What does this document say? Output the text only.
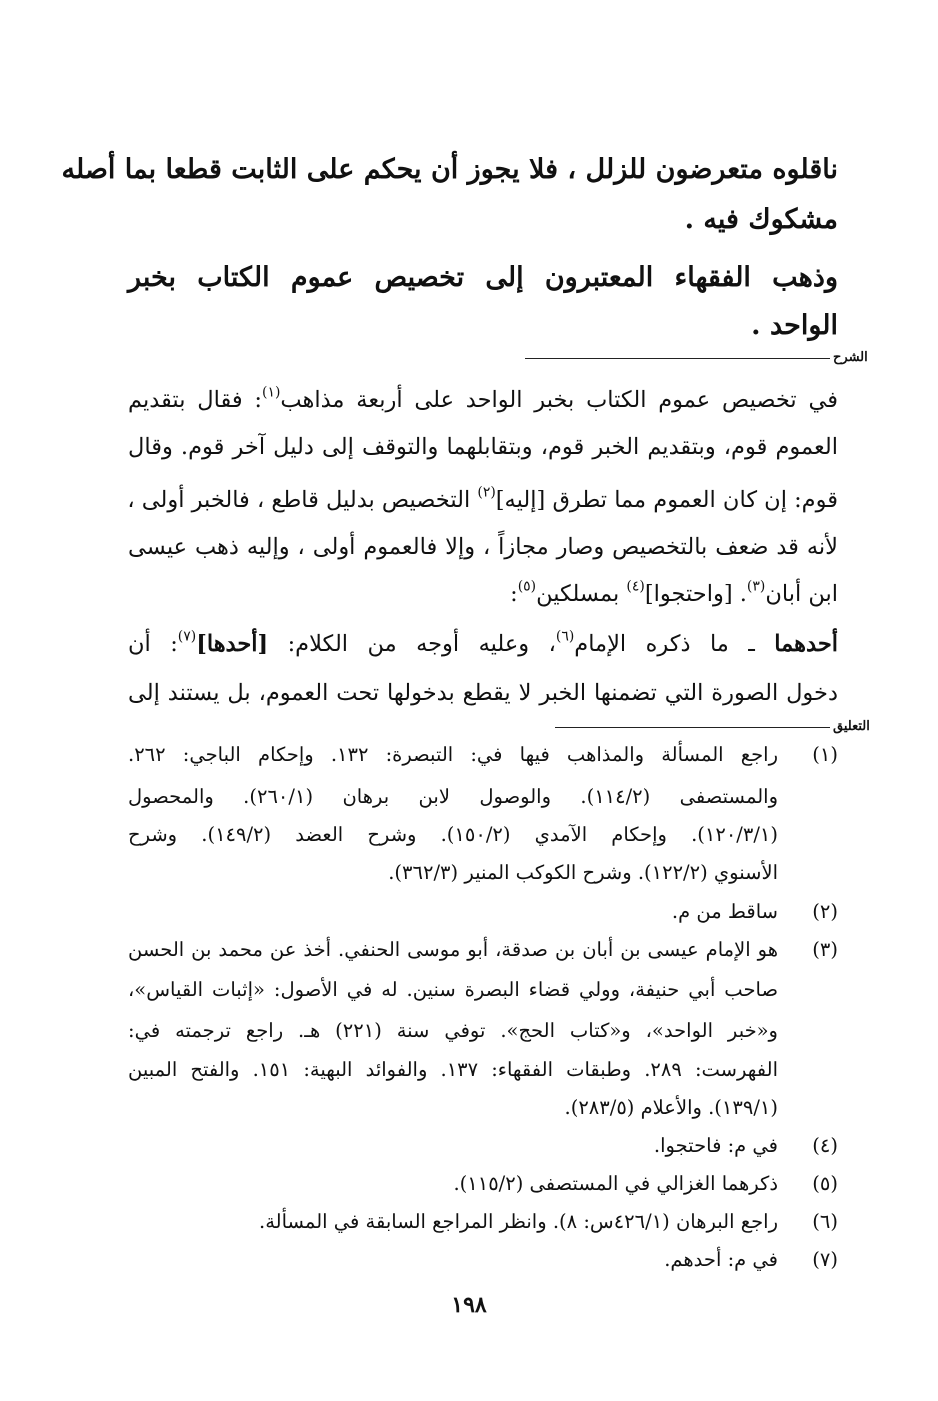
ناقلوه متعرضون للزلل ، فلا يجوز أن يحكم على الثابت قطعا بما أصله
مشكوك فيه .
وذهب الفقهاء المعتبرون إلى تخصيص عموم الكتاب بخبر
الواحد .
الشرح
في تخصيص عموم الكتاب بخبر الواحد على أربعة مذاهب$^{(١)}$: فقال بتقديم
العموم قوم، وبتقديم الخبر قوم، وبتقابلهما والتوقف إلى دليل آخر قوم. وقال
قوم: إن كان العموم مما تطرق [إليه]$^{(٢)}$ التخصيص بدليل قاطع ، فالخبر أولى ،
لأنه قد ضعف بالتخصيص وصار مجازاً ، وإلا فالعموم أولى ، وإليه ذهب عيسى
ابن أبان$^{(٣)}$. [واحتجوا]$^{(٤)}$ بمسلكين$^{(٥)}$:
أحدهما ـ ما ذكره الإمام$^{(٦)}$، وعليه أوجه من الكلام: [أحدها]$^{(٧)}$: أن
دخول الصورة التي تضمنها الخبر لا يقطع بدخولها تحت العموم، بل يستند إلى
التعليق
(١)
راجع المسألة والمذاهب فيها في: التبصرة: ١٣٢. وإحكام الباجي: ٢٦٢.
والمستصفى (١١٤/٢). والوصول لابن برهان (٢٦٠/١). والمحصول
(١٢٠/٣/١). وإحكام الآمدي (١٥٠/٢). وشرح العضد (١٤٩/٢). وشرح
الأسنوي (١٢٢/٢). وشرح الكوكب المنير (٣٦٢/٣).
(٢)
ساقط من م.
(٣)
هو الإمام عيسى بن أبان بن صدقة، أبو موسى الحنفي. أخذ عن محمد بن الحسن
صاحب أبي حنيفة، وولي قضاء البصرة سنين. له في الأصول: «إثبات القياس»،
و«خبر الواحد»، و«كتاب الحج». توفي سنة (٢٢١) هـ. راجع ترجمته في:
الفهرست: ٢٨٩. وطبقات الفقهاء: ١٣٧. والفوائد البهية: ١٥١. والفتح المبين
(١٣٩/١). والأعلام (٢٨٣/٥).
(٤)
في م: فاحتجوا.
(٥)
ذكرهما الغزالي في المستصفى (١١٥/٢).
(٦)
راجع البرهان (٤٢٦/١س: ٨). وانظر المراجع السابقة في المسألة.
(٧)
في م: أحدهم.
١٩٨
